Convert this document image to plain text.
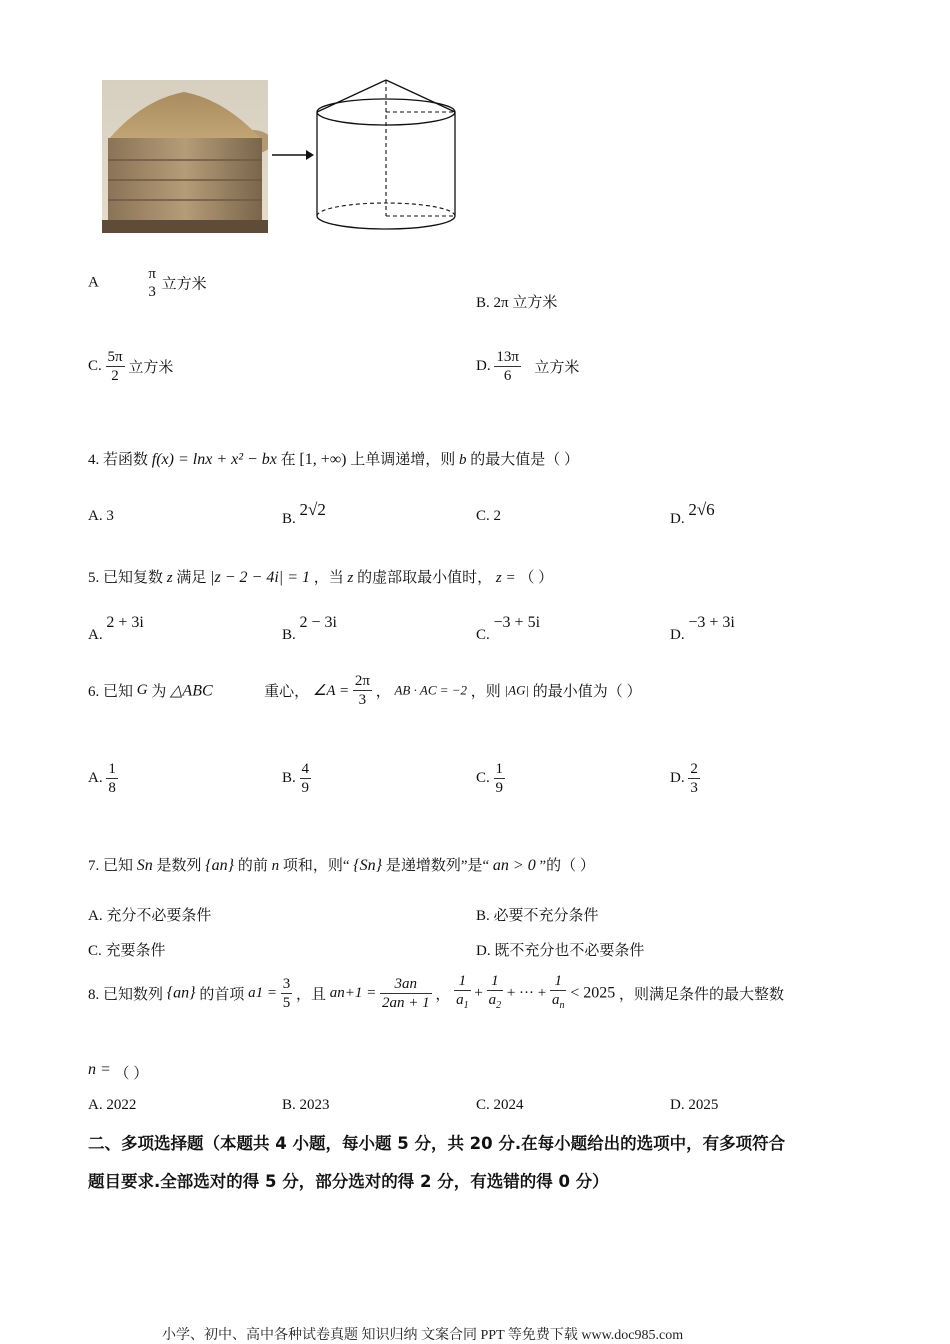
A
π
3 立方米
B. 2π 立方米
C. $\frac{5\pi}{2}$ 立方米	D. $\frac{13\pi}{6}$ 立方米
4. 若函数 f(x) = lnx + x² − bx 在 [1, +∞) 上单调递增，则 b 的最大值是（ ）
A. 3	B. 2√2	C. 2	D. 2√6
5. 已知复数 z 满足 |z − 2 − 4i| = 1 ，当 z 的虚部取最小值时， z = （ ）
A. 2 + 3i
B. 2 − 3i
C. −3 + 5i
D. −3 + 3i
6. 已知 G 为 △ABC	重心， ∠A = $\frac{2\pi}{3}$ ， AB · AC = −2 ，则 |AG| 的最小值为（ ）
A. $\frac{1}{8}$	B. $\frac{4}{9}$	C. $\frac{1}{9}$	D. $\frac{2}{3}$
7. 已知 Sn 是数列 {an} 的前 n 项和，则“ {Sn} 是递增数列”是“ an > 0 ”的（ ）
A. 充分不必要条件	B. 必要不充分条件
C. 充要条件	D. 既不充分也不必要条件
8. 已知数列 {an} 的首项 $a1 = \frac{3}{5}$ ，且 $an+1 = \frac{3an}{2an + 1}$ ， $\frac{1}{a_1} + \frac{1}{a_2}$ + ··· + $\frac{1}{a_n} < 2025$ ，则满足条件的最大整数
n = （ ）
A. 2022	B. 2023	C. 2024	D. 2025
二、多项选择题（本题共 4 小题，每小题 5 分，共 20 分.在每小题给出的选项中，有多项符合
题目要求.全部选对的得 5 分，部分选对的得 2 分，有选错的得 0 分）
小学、初中、高中各种试卷真题 知识归纳 文案合同 PPT 等免费下载 www.doc985.com
